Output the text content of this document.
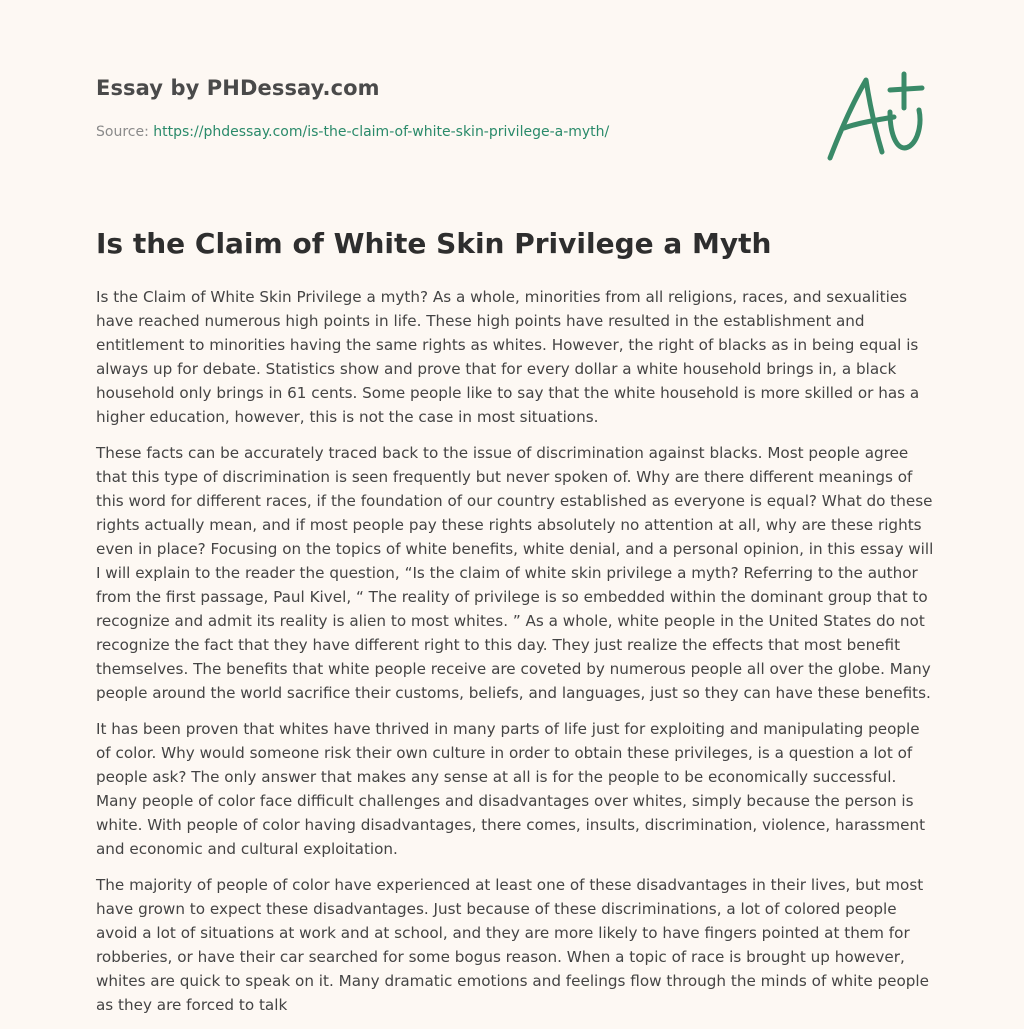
Essay by PHDessay.com
Source: https://phdessay.com/is-the-claim-of-white-skin-privilege-a-myth/
Is the Claim of White Skin Privilege a Myth

Is the Claim of White Skin Privilege a myth? As a whole, minorities from all religions, races, and sexualities have reached numerous high points in life. These high points have resulted in the establishment and entitlement to minorities having the same rights as whites. However, the right of blacks as in being equal is always up for debate. Statistics show and prove that for every dollar a white household brings in, a black household only brings in 61 cents. Some people like to say that the white household is more skilled or has a higher education, however, this is not the case in most situations.

These facts can be accurately traced back to the issue of discrimination against blacks. Most people agree that this type of discrimination is seen frequently but never spoken of. Why are there different meanings of this word for different races, if the foundation of our country established as everyone is equal? What do these rights actually mean, and if most people pay these rights absolutely no attention at all, why are these rights even in place? Focusing on the topics of white benefits, white denial, and a personal opinion, in this essay will I will explain to the reader the question, “Is the claim of white skin privilege a myth? Referring to the author from the first passage, Paul Kivel, “ The reality of privilege is so embedded within the dominant group that to recognize and admit its reality is alien to most whites. ” As a whole, white people in the United States do not recognize the fact that they have different right to this day. They just realize the effects that most benefit themselves. The benefits that white people receive are coveted by numerous people all over the globe. Many people around the world sacrifice their customs, beliefs, and languages, just so they can have these benefits.

It has been proven that whites have thrived in many parts of life just for exploiting and manipulating people of color. Why would someone risk their own culture in order to obtain these privileges, is a question a lot of people ask? The only answer that makes any sense at all is for the people to be economically successful. Many people of color face difficult challenges and disadvantages over whites, simply because the person is white. With people of color having disadvantages, there comes, insults, discrimination, violence, harassment and economic and cultural exploitation.

The majority of people of color have experienced at least one of these disadvantages in their lives, but most have grown to expect these disadvantages. Just because of these discriminations, a lot of colored people avoid a lot of situations at work and at school, and they are more likely to have fingers pointed at them for robberies, or have their car searched for some bogus reason. When a topic of race is brought up however, whites are quick to speak on it. Many dramatic emotions and feelings flow through the minds of white people as they are forced to talk
